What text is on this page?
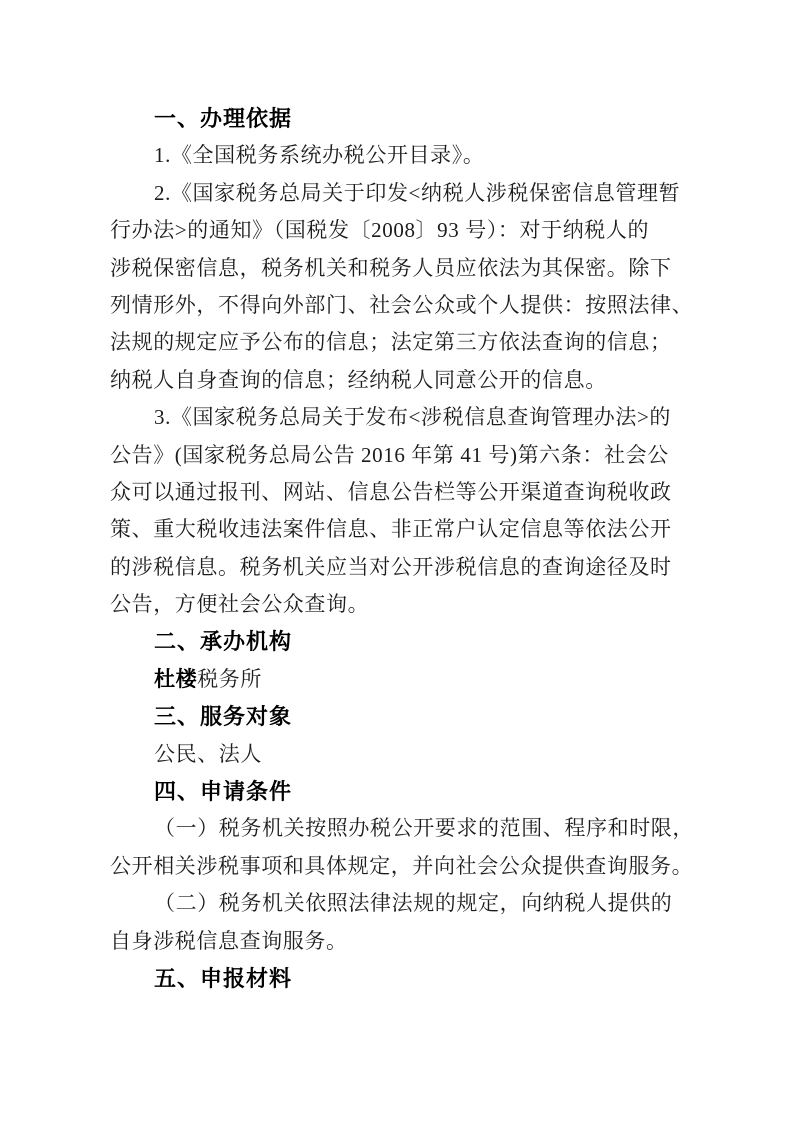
一、办理依据
1.《全国税务系统办税公开目录》。
2.《国家税务总局关于印发<纳税人涉税保密信息管理暂
行办法>的通知》（国税发〔2008〕93 号）：对于纳税人的
涉税保密信息，税务机关和税务人员应依法为其保密。除下
列情形外，不得向外部门、社会公众或个人提供：按照法律、
法规的规定应予公布的信息；法定第三方依法查询的信息；
纳税人自身查询的信息；经纳税人同意公开的信息。
3.《国家税务总局关于发布<涉税信息查询管理办法>的
公告》(国家税务总局公告 2016 年第 41 号)第六条：社会公
众可以通过报刊、网站、信息公告栏等公开渠道查询税收政
策、重大税收违法案件信息、非正常户认定信息等依法公开
的涉税信息。税务机关应当对公开涉税信息的查询途径及时
公告，方便社会公众查询。
二、承办机构
杜楼税务所
三、服务对象
公民、法人
四、申请条件
（一）税务机关按照办税公开要求的范围、程序和时限，
公开相关涉税事项和具体规定，并向社会公众提供查询服务。
（二）税务机关依照法律法规的规定，向纳税人提供的
自身涉税信息查询服务。
五、申报材料
